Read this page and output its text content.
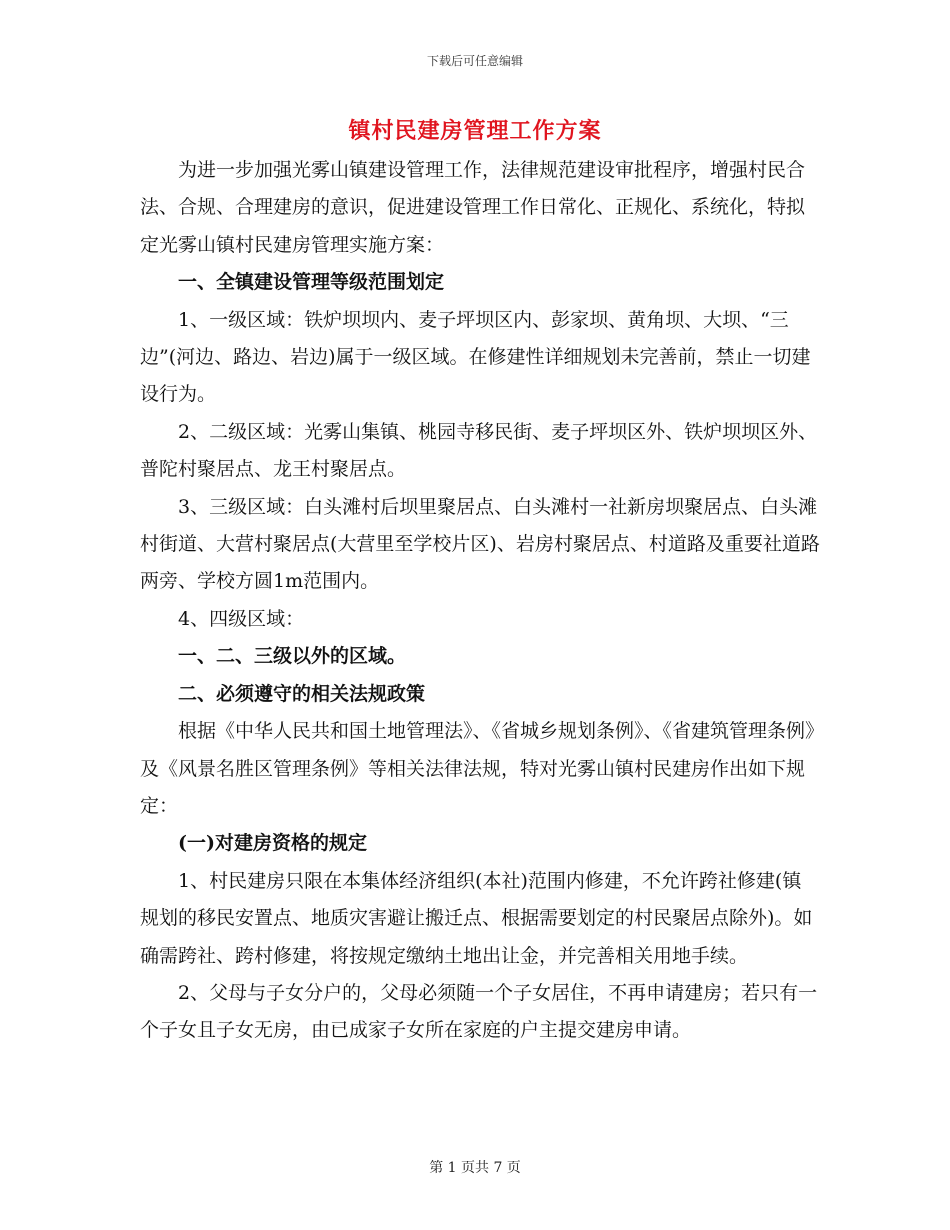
下载后可任意编辑
镇村民建房管理工作方案

为进一步加强光雾山镇建设管理工作，法律规范建设审批程序，增强村民合法、合规、合理建房的意识，促进建设管理工作日常化、正规化、系统化，特拟定光雾山镇村民建房管理实施方案：

一、全镇建设管理等级范围划定

1、一级区域：铁炉坝坝内、麦子坪坝区内、彭家坝、黄角坝、大坝、“三边”(河边、路边、岩边)属于一级区域。在修建性详细规划未完善前，禁止一切建设行为。

2、二级区域：光雾山集镇、桃园寺移民街、麦子坪坝区外、铁炉坝坝区外、普陀村聚居点、龙王村聚居点。

3、三级区域：白头滩村后坝里聚居点、白头滩村一社新房坝聚居点、白头滩村街道、大营村聚居点(大营里至学校片区)、岩房村聚居点、村道路及重要社道路两旁、学校方圆1m范围内。

4、四级区域：

一、二、三级以外的区域。

二、必须遵守的相关法规政策

根据《中华人民共和国土地管理法》、《省城乡规划条例》、《省建筑管理条例》及《风景名胜区管理条例》等相关法律法规，特对光雾山镇村民建房作出如下规定：

(一)对建房资格的规定

1、村民建房只限在本集体经济组织(本社)范围内修建，不允许跨社修建(镇规划的移民安置点、地质灾害避让搬迁点、根据需要划定的村民聚居点除外)。如确需跨社、跨村修建，将按规定缴纳土地出让金，并完善相关用地手续。

2、父母与子女分户的，父母必须随一个子女居住，不再申请建房；若只有一个子女且子女无房，由已成家子女所在家庭的户主提交建房申请。

第 1 页共 7 页
